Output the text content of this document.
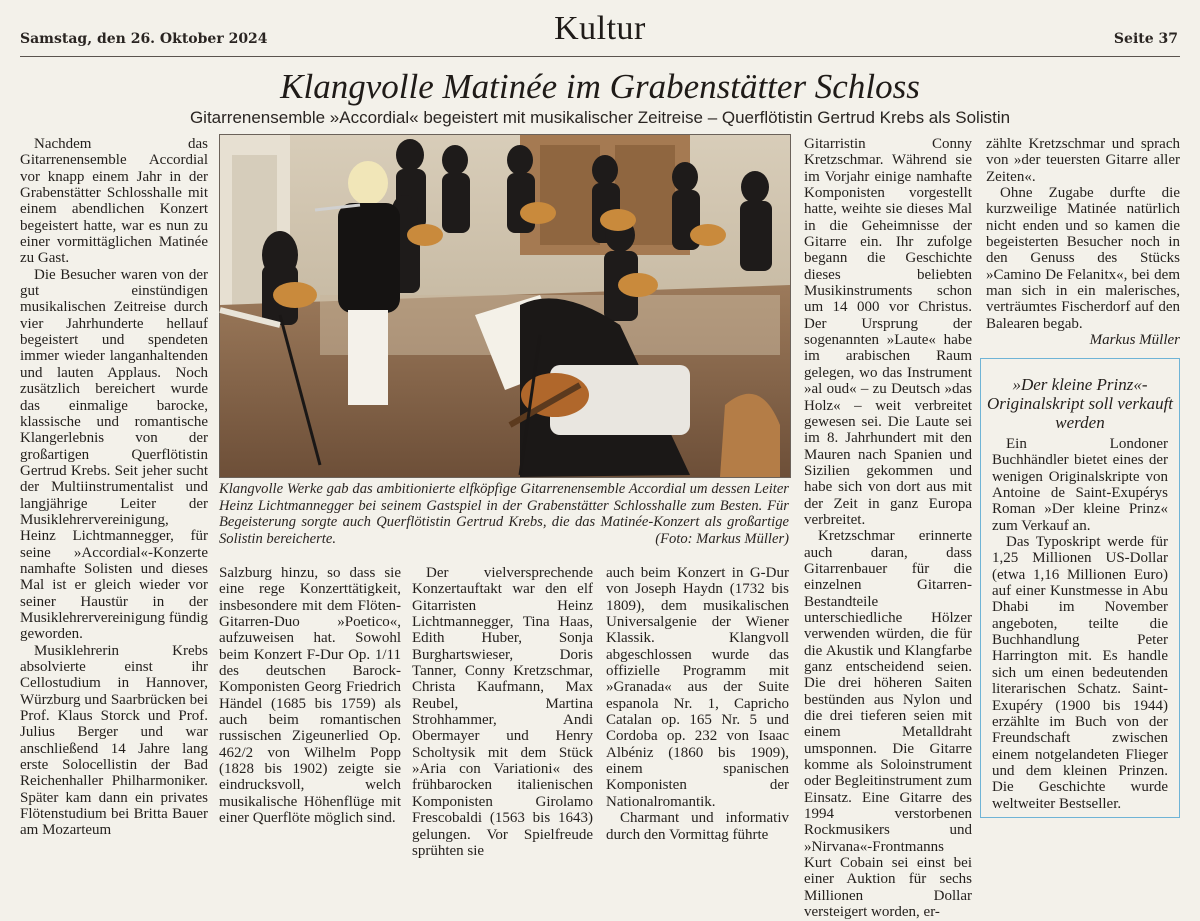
Samstag, den 26. Oktober 2024	Kultur	Seite 37
Klangvolle Matinée im Grabenstätter Schloss
Gitarrenensemble »Accordial« begeistert mit musikalischer Zeitreise – Querflötistin Gertrud Krebs als Solistin

Nachdem das Gitarrenensemble Accordial vor knapp einem Jahr in der Grabenstätter Schlosshalle mit einem abendlichen Konzert begeistert hatte, war es nun zu einer vormittäglichen Matinée zu Gast.

Die Besucher waren von der gut einstündigen musikalischen Zeitreise durch vier Jahrhunderte hellauf begeistert und spendeten immer wieder langanhaltenden und lauten Applaus. Noch zusätzlich bereichert wurde das einmalige barocke, klassische und romantische Klangerlebnis von der großartigen Querflötistin Gertrud Krebs. Seit jeher sucht der Multiinstrumentalist und langjährige Leiter der Musiklehrervereinigung, Heinz Lichtmannegger, für seine »Accordial«-Konzerte namhafte Solisten und dieses Mal ist er gleich wieder vor seiner Haustür in der Musiklehrervereinigung fündig geworden.

Musiklehrerin Krebs absolvierte einst ihr Cellostudium in Hannover, Würzburg und Saarbrücken bei Prof. Klaus Storck und Prof. Julius Berger und war anschließend 14 Jahre lang erste Solocellistin der Bad Reichenhaller Philharmoniker. Später kam dann ein privates Flötenstudium bei Britta Bauer am Mozarteum

Klangvolle Werke gab das ambitionierte elfköpfige Gitarrenensemble Accordial um dessen Leiter Heinz Lichtmannegger bei seinem Gastspiel in der Grabenstätter Schlosshalle zum Besten. Für Begeisterung sorgte auch Querflötistin Gertrud Krebs, die das Matinée-Konzert als großartige Solistin bereicherte.	(Foto: Markus Müller)

Salzburg hinzu, so dass sie eine rege Konzerttätigkeit, insbesondere mit dem Flöten-Gitarren-Duo »Poetico«, aufzuweisen hat. Sowohl beim Konzert F-Dur Op. 1/11 des deutschen Barock-Komponisten Georg Friedrich Händel (1685 bis 1759) als auch beim romantischen russischen Zigeunerlied Op. 462/2 von Wilhelm Popp (1828 bis 1902) zeigte sie eindrucksvoll, welch musikalische Höhenflüge mit einer Querflöte möglich sind.

Der vielversprechende Konzertauftakt war den elf Gitarristen Heinz Lichtmannegger, Tina Haas, Edith Huber, Sonja Burghartswieser, Doris Tanner, Conny Kretzschmar, Christa Kaufmann, Max Reubel, Martina Strohhammer, Andi Obermayer und Henry Scholtysik mit dem Stück »Aria con Variationi« des frühbarocken italienischen Komponisten Girolamo Frescobaldi (1563 bis 1643) gelungen. Vor Spielfreude sprühten sie

auch beim Konzert in G-Dur von Joseph Haydn (1732 bis 1809), dem musikalischen Universalgenie der Wiener Klassik. Klangvoll abgeschlossen wurde das offizielle Programm mit »Granada« aus der Suite espanola Nr. 1, Capricho Catalan op. 165 Nr. 5 und Cordoba op. 232 von Isaac Albéniz (1860 bis 1909), einem spanischen Komponisten der Nationalromantik.

Charmant und informativ durch den Vormittag führte

Gitarristin Conny Kretzschmar. Während sie im Vorjahr einige namhafte Komponisten vorgestellt hatte, weihte sie dieses Mal in die Geheimnisse der Gitarre ein. Ihr zufolge begann die Geschichte dieses beliebten Musikinstruments schon um 14 000 vor Christus. Der Ursprung der sogenannten »Laute« habe im arabischen Raum gelegen, wo das Instrument »al oud« – zu Deutsch »das Holz« – weit verbreitet gewesen sei. Die Laute sei im 8. Jahrhundert mit den Mauren nach Spanien und Sizilien gekommen und habe sich von dort aus mit der Zeit in ganz Europa verbreitet.

Kretzschmar erinnerte auch daran, dass Gitarrenbauer für die einzelnen Gitarren-Bestandteile unterschiedliche Hölzer verwenden würden, die für die Akustik und Klangfarbe ganz entscheidend seien. Die drei höheren Saiten bestünden aus Nylon und die drei tieferen seien mit einem Metalldraht umsponnen. Die Gitarre komme als Soloinstrument oder Begleitinstrument zum Einsatz. Eine Gitarre des 1994 verstorbenen Rockmusikers und »Nirvana«-Frontmanns Kurt Cobain sei einst bei einer Auktion für sechs Millionen Dollar versteigert worden, er-

zählte Kretzschmar und sprach von »der teuersten Gitarre aller Zeiten«.

Ohne Zugabe durfte die kurzweilige Matinée natürlich nicht enden und so kamen die begeisterten Besucher noch in den Genuss des Stücks »Camino De Felanitx«, bei dem man sich in ein malerisches, verträumtes Fischerdorf auf den Balearen begab.

Markus Müller

»Der kleine Prinz«-Originalskript soll verkauft werden

Ein Londoner Buchhändler bietet eines der wenigen Originalskripte von Antoine de Saint-Exupérys Roman »Der kleine Prinz« zum Verkauf an.

Das Typoskript werde für 1,25 Millionen US-Dollar (etwa 1,16 Millionen Euro) auf einer Kunstmesse in Abu Dhabi im November angeboten, teilte die Buchhandlung Peter Harrington mit. Es handle sich um einen bedeutenden literarischen Schatz. Saint-Exupéry (1900 bis 1944) erzählte im Buch von der Freundschaft zwischen einem notgelandeten Flieger und dem kleinen Prinzen. Die Geschichte wurde weltweiter Bestseller.
